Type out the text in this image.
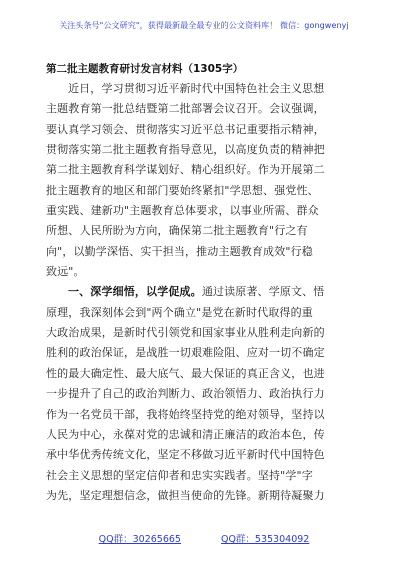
关注头条号"公文研究"，获得最新最全最专业的公文资料库！ 微信：gongwenyj
第二批主题教育研讨发言材料（1305字）
近日，学习贯彻习近平新时代中国特色社会主义思想
主题教育第一批总结暨第二批部署会议召开。会议强调，
要认真学习领会、贯彻落实习近平总书记重要指示精神，
贯彻落实第二批主题教育指导意见，以高度负责的精神把
第二批主题教育科学谋划好、精心组织好。作为开展第二
批主题教育的地区和部门要始终紧扣"学思想、强党性、
重实践、建新功"主题教育总体要求，以事业所需、群众
所想、人民所盼为方向，确保第二批主题教育"行之有
向"，以勤学深悟、实干担当，推动主题教育成效"行稳
致远"。
一、深学细悟，以学促成。通过读原著、学原文、悟
原理，我深刻体会到"两个确立"是党在新时代取得的重
大政治成果，是新时代引领党和国家事业从胜利走向新的
胜利的政治保证，是战胜一切艰难险阻、应对一切不确定
性的最大确定性、最大底气、最大保证的真正含义，也进
一步提升了自己的政治判断力、政治领悟力、政治执行力
作为一名党员干部，我将始终坚持党的绝对领导，坚持以
人民为中心，永葆对党的忠诚和清正廉洁的政治本色，传
承中华优秀传统文化，坚定不移做习近平新时代中国特色
社会主义思想的坚定信仰者和忠实实践者。坚持"学"字
为先，坚定理想信念，做担当使命的先锋。新期待凝聚力
QQ群：30265665	QQ群：535304092
